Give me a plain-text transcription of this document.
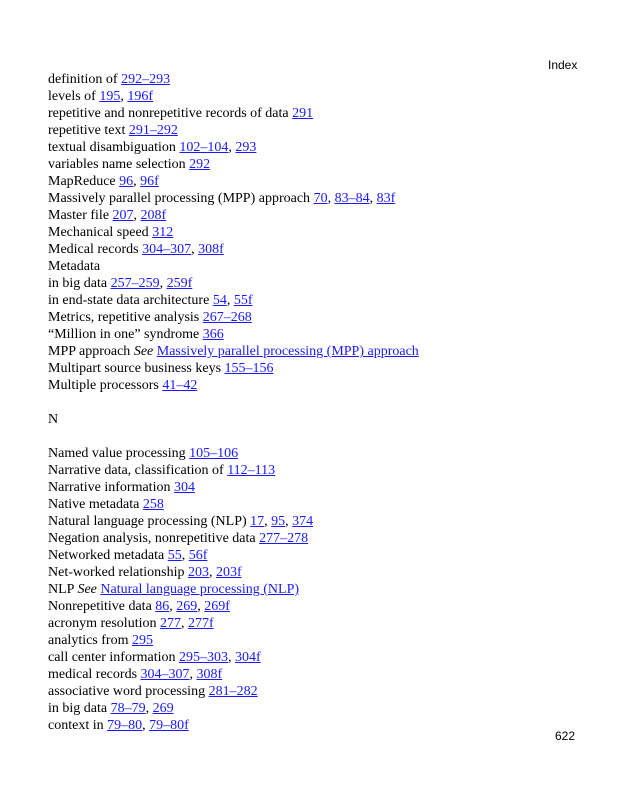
Index
definition of 292–293
levels of 195, 196f
repetitive and nonrepetitive records of data 291
repetitive text 291–292
textual disambiguation 102–104, 293
variables name selection 292
MapReduce 96, 96f
Massively parallel processing (MPP) approach 70, 83–84, 83f
Master file 207, 208f
Mechanical speed 312
Medical records 304–307, 308f
Metadata
in big data 257–259, 259f
in end-state data architecture 54, 55f
Metrics, repetitive analysis 267–268
“Million in one” syndrome 366
MPP approach See Massively parallel processing (MPP) approach
Multipart source business keys 155–156
Multiple processors 41–42
N
Named value processing 105–106
Narrative data, classification of 112–113
Narrative information 304
Native metadata 258
Natural language processing (NLP) 17, 95, 374
Negation analysis, nonrepetitive data 277–278
Networked metadata 55, 56f
Net-worked relationship 203, 203f
NLP See Natural language processing (NLP)
Nonrepetitive data 86, 269, 269f
acronym resolution 277, 277f
analytics from 295
call center information 295–303, 304f
medical records 304–307, 308f
associative word processing 281–282
in big data 78–79, 269
context in 79–80, 79–80f
622
